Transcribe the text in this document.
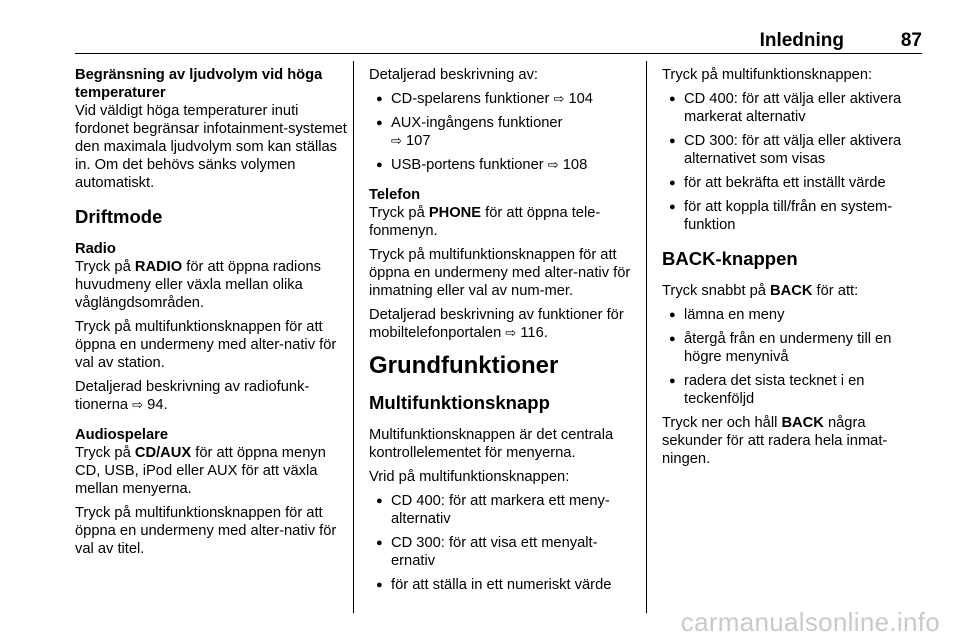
Inledning	87

Begränsning av ljudvolym vid höga temperaturer

Vid väldigt höga temperaturer inuti fordonet begränsar infotainment-systemet den maximala ljudvolym som kan ställas in. Om det behövs sänks volymen automatiskt.

Driftmode

Radio

Tryck på RADIO för att öppna radions huvudmeny eller växla mellan olika våglängdsområden.

Tryck på multifunktionsknappen för att öppna en undermeny med alter-nativ för val av station.

Detaljerad beskrivning av radiofunk-tionerna ⇨ 94.

Audiospelare

Tryck på CD/AUX för att öppna menyn CD, USB, iPod eller AUX för att växla mellan menyerna.

Tryck på multifunktionsknappen för att öppna en undermeny med alter-nativ för val av titel.

Detaljerad beskrivning av:

● CD-spelarens funktioner ⇨ 104
● AUX-ingångens funktioner
⇨ 107
● USB-portens funktioner ⇨ 108

Telefon

Tryck på PHONE för att öppna tele-fonmenyn.

Tryck på multifunktionsknappen för att öppna en undermeny med alter-nativ för inmatning eller val av num-mer.

Detaljerad beskrivning av funktioner för mobiltelefonportalen ⇨ 116.

Grundfunktioner

Multifunktionsknapp

Multifunktionsknappen är det centrala kontrollelementet för menyerna.

Vrid på multifunktionsknappen:

● CD 400: för att markera ett meny-alternativ
● CD 300: för att visa ett menyalt-ernativ
● för att ställa in ett numeriskt värde

Tryck på multifunktionsknappen:

● CD 400: för att välja eller aktivera markerat alternativ
● CD 300: för att välja eller aktivera alternativet som visas
● för att bekräfta ett inställt värde
● för att koppla till/från en system-funktion

BACK-knappen

Tryck snabbt på BACK för att:

● lämna en meny
● återgå från en undermeny till en högre menynivå
● radera det sista tecknet i en teckenföljd

Tryck ner och håll BACK några sekunder för att radera hela inmat-ningen.

carmanualsonline.info
